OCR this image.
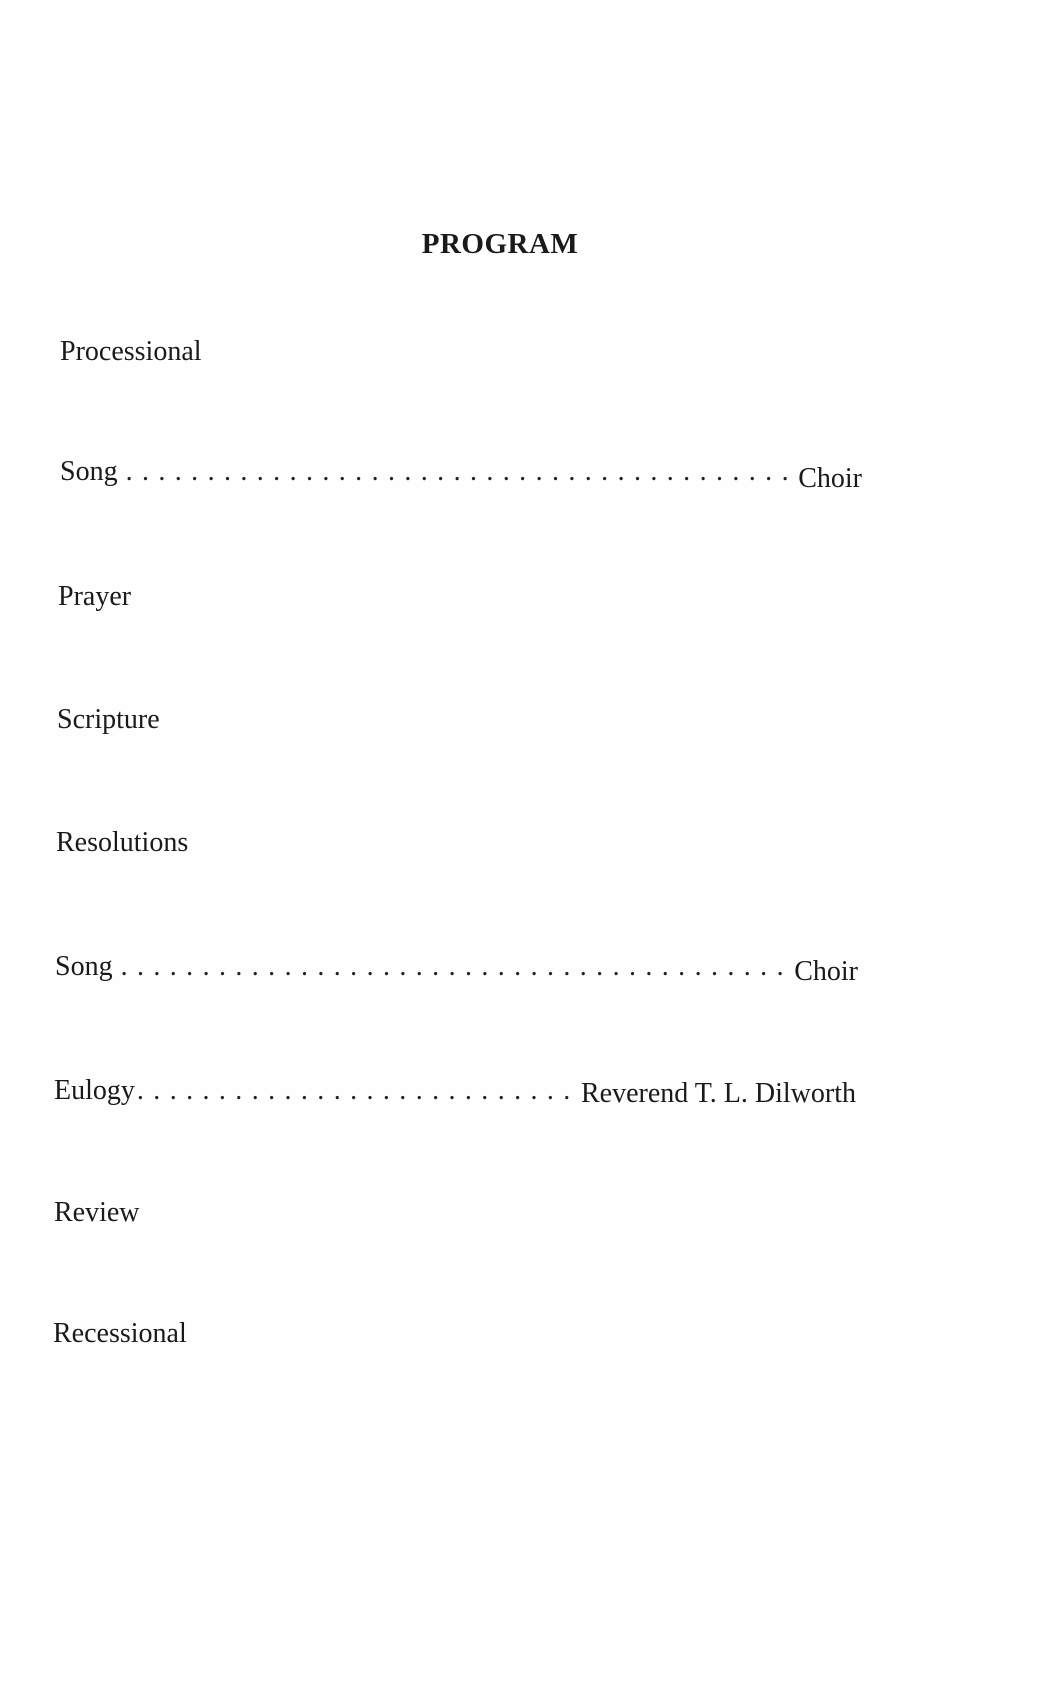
PROGRAM
Processional
Song . . .	Choir
Prayer
Scripture
Resolutions
Song . . .	Choir
Eulogy . . .	Reverend T. L. Dilworth
Review
Recessional
